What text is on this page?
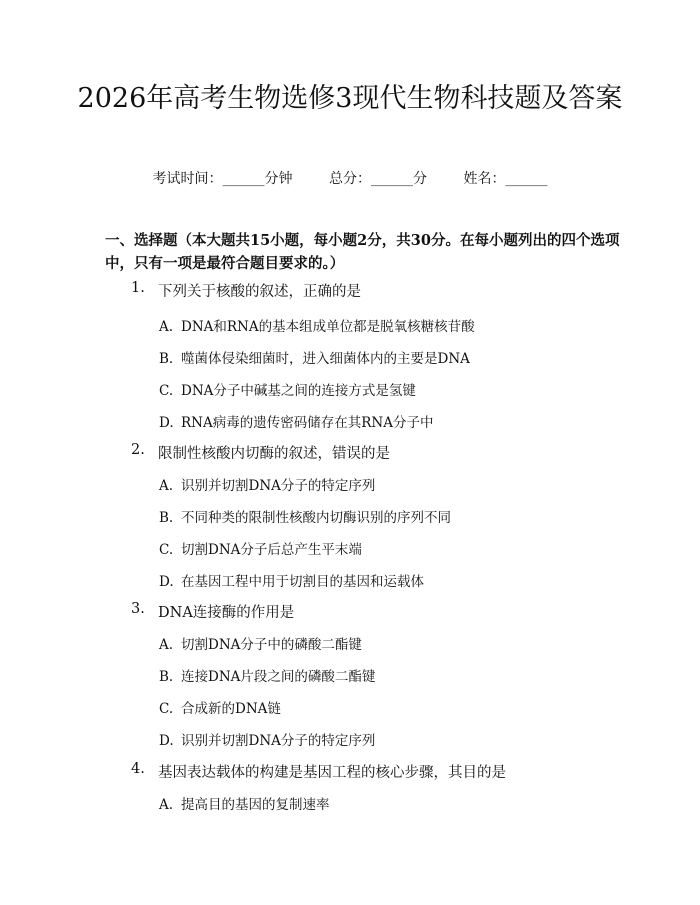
2026年高考生物选修3现代生物科技题及答案
考试时间：______分钟	总分：______分	姓名：______

一、选择题（本大题共15小题，每小题2分，共30分。在每小题列出的四个选项中，只有一项是最符合题目要求的。）

1. 下列关于核酸的叙述，正确的是
A. DNA和RNA的基本组成单位都是脱氧核糖核苷酸
B. 噬菌体侵染细菌时，进入细菌体内的主要是DNA
C. DNA分子中碱基之间的连接方式是氢键
D. RNA病毒的遗传密码储存在其RNA分子中
2. 限制性核酸内切酶的叙述，错误的是
A. 识别并切割DNA分子的特定序列
B. 不同种类的限制性核酸内切酶识别的序列不同
C. 切割DNA分子后总产生平末端
D. 在基因工程中用于切割目的基因和运载体
3. DNA连接酶的作用是
A. 切割DNA分子中的磷酸二酯键
B. 连接DNA片段之间的磷酸二酯键
C. 合成新的DNA链
D. 识别并切割DNA分子的特定序列
4. 基因表达载体的构建是基因工程的核心步骤，其目的是
A. 提高目的基因的复制速率
